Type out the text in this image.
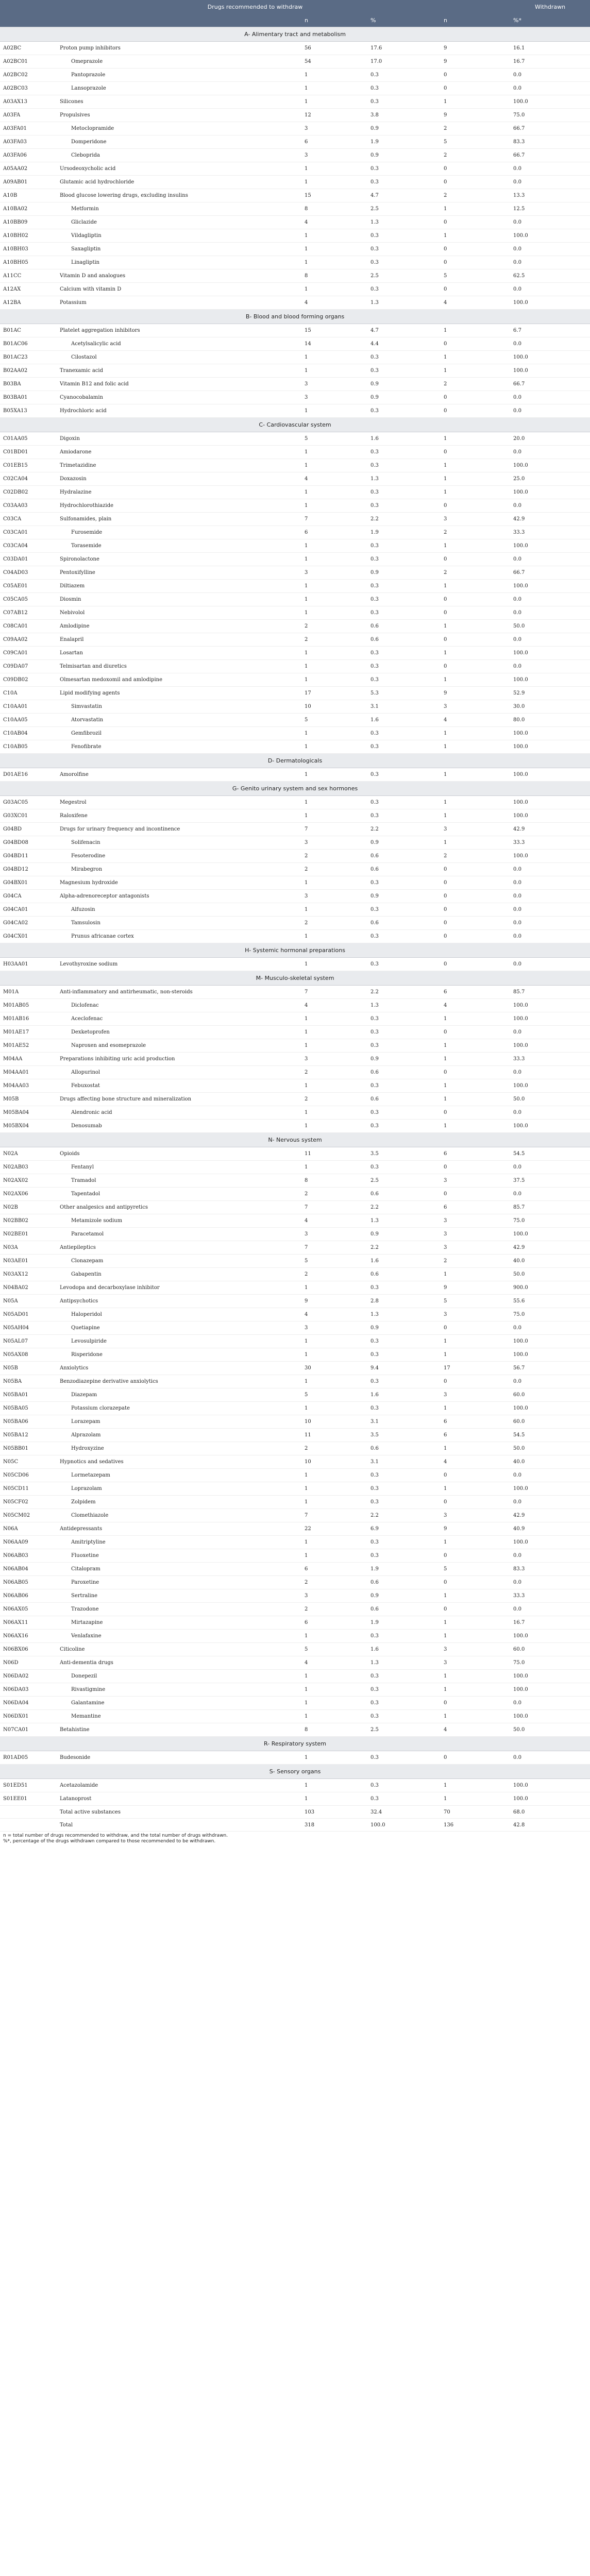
Drugs recommended to withdraw					Withdrawn
		n	%	n	%*
A- Alimentary tract and metabolism					
A02BC	Proton pump inhibitors	56	17.6	9	16.1
A02BC01	Omeprazole	54	17.0	9	16.7
A02BC02	Pantoprazole	1	0.3	0	0.0
A02BC03	Lansoprazole	1	0.3	0	0.0
A03AX13	Silicones	1	0.3	1	100.0
A03FA	Propulsives	12	3.8	9	75.0
A03FA01	Metoclopramide	3	0.9	2	66.7
A03FA03	Domperidone	6	1.9	5	83.3
A03FA06	Cleboprida	3	0.9	2	66.7
A05AA02	Ursodeoxycholic acid	1	0.3	0	0.0
A09AB01	Glutamic acid hydrochloride	1	0.3	0	0.0
A10B	Blood glucose lowering drugs, excluding insulins	15	4.7	2	13.3
A10BA02	Metformin	8	2.5	1	12.5
A10BB09	Gliclazide	4	1.3	0	0.0
A10BH02	Vildagliptin	1	0.3	1	100.0
A10BH03	Saxagliptin	1	0.3	0	0.0
A10BH05	Linagliptin	1	0.3	0	0.0
A11CC	Vitamin D and analogues	8	2.5	5	62.5
A12AX	Calcium with vitamin D	1	0.3	0	0.0
A12BA	Potassium	4	1.3	4	100.0
B- Blood and blood forming organs					
B01AC	Platelet aggregation inhibitors	15	4.7	1	6.7
B01AC06	Acetylsalicylic acid	14	4.4	0	0.0
B01AC23	Cilostazol	1	0.3	1	100.0
B02AA02	Tranexamic acid	1	0.3	1	100.0
B03BA	Vitamin B12 and folic acid	3	0.9	2	66.7
B03BA01	Cyanocobalamin	3	0.9	0	0.0
B05XA13	Hydrochloric acid	1	0.3	0	0.0
C- Cardiovascular system					
C01AA05	Digoxin	5	1.6	1	20.0
C01BD01	Amiodarone	1	0.3	0	0.0
C01EB15	Trimetazidine	1	0.3	1	100.0
C02CA04	Doxazosin	4	1.3	1	25.0
C02DB02	Hydralazine	1	0.3	1	100.0
C03AA03	Hydrochlorothiazide	1	0.3	0	0.0
C03CA	Sulfonamides, plain	7	2.2	3	42.9
C03CA01	Furosemide	6	1.9	2	33.3
C03CA04	Torasemide	1	0.3	1	100.0
C03DA01	Spironolactone	1	0.3	0	0.0
C04AD03	Pentoxifylline	3	0.9	2	66.7
C05AE01	Diltiazem	1	0.3	1	100.0
C05CA05	Diosmin	1	0.3	0	0.0
C07AB12	Nebivolol	1	0.3	0	0.0
C08CA01	Amlodipine	2	0.6	1	50.0
C09AA02	Enalapril	2	0.6	0	0.0
C09CA01	Losartan	1	0.3	1	100.0
C09DA07	Telmisartan and diuretics	1	0.3	0	0.0
C09DB02	Olmesartan medoxomil and amlodipine	1	0.3	1	100.0
C10A	Lipid modifying agents	17	5.3	9	52.9
C10AA01	Simvastatin	10	3.1	3	30.0
C10AA05	Atorvastatin	5	1.6	4	80.0
C10AB04	Gemfibrozil	1	0.3	1	100.0
C10AB05	Fenofibrate	1	0.3	1	100.0
D- Dermatologicals					
D01AE16	Amorolfine	1	0.3	1	100.0
G- Genito urinary system and sex hormones					
G03AC05	Megestrol	1	0.3	1	100.0
G03XC01	Raloxifene	1	0.3	1	100.0
G04BD	Drugs for urinary frequency and incontinence	7	2.2	3	42.9
G04BD08	Solifenacin	3	0.9	1	33.3
G04BD11	Fesoterodine	2	0.6	2	100.0
G04BD12	Mirabegron	2	0.6	0	0.0
G04BX01	Magnesium hydroxide	1	0.3	0	0.0
G04CA	Alpha-adrenoreceptor antagonists	3	0.9	0	0.0
G04CA01	Alfuzosin	1	0.3	0	0.0
G04CA02	Tamsulosin	2	0.6	0	0.0
G04CX01	Prunus africanae cortex	1	0.3	0	0.0
H- Systemic hormonal preparations					
H03AA01	Levothyroxine sodium	1	0.3	0	0.0
M- Musculo-skeletal system					
M01A	Anti-inflammatory and antirheumatic, non-steroids	7	2.2	6	85.7
M01AB05	Diclofenac	4	1.3	4	100.0
M01AB16	Aceclofenac	1	0.3	1	100.0
M01AE17	Dexketoprofen	1	0.3	0	0.0
M01AE52	Naproxen and esomeprazole	1	0.3	1	100.0
M04AA	Preparations inhibiting uric acid production	3	0.9	1	33.3
M04AA01	Allopurinol	2	0.6	0	0.0
M04AA03	Febuxostat	1	0.3	1	100.0
M05B	Drugs affecting bone structure and mineralization	2	0.6	1	50.0
M05BA04	Alendronic acid	1	0.3	0	0.0
M05BX04	Denosumab	1	0.3	1	100.0
N- Nervous system					
N02A	Opioids	11	3.5	6	54.5
N02AB03	Fentanyl	1	0.3	0	0.0
N02AX02	Tramadol	8	2.5	3	37.5
N02AX06	Tapentadol	2	0.6	0	0.0
N02B	Other analgesics and antipyretics	7	2.2	6	85.7
N02BB02	Metamizole sodium	4	1.3	3	75.0
N02BE01	Paracetamol	3	0.9	3	100.0
N03A	Antiepileptics	7	2.2	3	42.9
N03AE01	Clonazepam	5	1.6	2	40.0
N03AX12	Gabapentin	2	0.6	1	50.0
N04BA02	Levodopa and decarboxylase inhibitor	1	0.3	9	900.0
N05A	Antipsychotics	9	2.8	5	55.6
N05AD01	Haloperidol	4	1.3	3	75.0
N05AH04	Quetiapine	3	0.9	0	0.0
N05AL07	Levosulpiride	1	0.3	1	100.0
N05AX08	Risperidone	1	0.3	1	100.0
N05B	Anxiolytics	30	9.4	17	56.7
N05BA	Benzodiazepine derivative anxiolytics	1	0.3	0	0.0
N05BA01	Diazepam	5	1.6	3	60.0
N05BA05	Potassium clorazepate	1	0.3	1	100.0
N05BA06	Lorazepam	10	3.1	6	60.0
N05BA12	Alprazolam	11	3.5	6	54.5
N05BB01	Hydroxyzine	2	0.6	1	50.0
N05C	Hypnotics and sedatives	10	3.1	4	40.0
N05CD06	Lormetazepam	1	0.3	0	0.0
N05CD11	Loprazolam	1	0.3	1	100.0
N05CF02	Zolpidem	1	0.3	0	0.0
N05CM02	Clomethiazole	7	2.2	3	42.9
N06A	Antidepressants	22	6.9	9	40.9
N06AA09	Amitriptyline	1	0.3	1	100.0
N06AB03	Fluoxetine	1	0.3	0	0.0
N06AB04	Citalopram	6	1.9	5	83.3
N06AB05	Paroxetine	2	0.6	0	0.0
N06AB06	Sertraline	3	0.9	1	33.3
N06AX05	Trazodone	2	0.6	0	0.0
N06AX11	Mirtazapine	6	1.9	1	16.7
N06AX16	Venlafaxine	1	0.3	1	100.0
N06BX06	Citicoline	5	1.6	3	60.0
N06D	Anti-dementia drugs	4	1.3	3	75.0
N06DA02	Donepezil	1	0.3	1	100.0
N06DA03	Rivastigmine	1	0.3	1	100.0
N06DA04	Galantamine	1	0.3	0	0.0
N06DX01	Memantine	1	0.3	1	100.0
N07CA01	Betahistine	8	2.5	4	50.0
R- Respiratory system					
R01AD05	Budesonide	1	0.3	0	0.0
S- Sensory organs					
S01ED51	Acetazolamide	1	0.3	1	100.0
S01EE01	Latanoprost	1	0.3	1	100.0
	Total active substances	103	32.4	70	68.0
	Total	318	100.0	136	42.8
n = total number of drugs recommended to withdraw, and the total number of drugs withdrawn.
%*, percentage of the drugs withdrawn compared to those recommended to be withdrawn.
